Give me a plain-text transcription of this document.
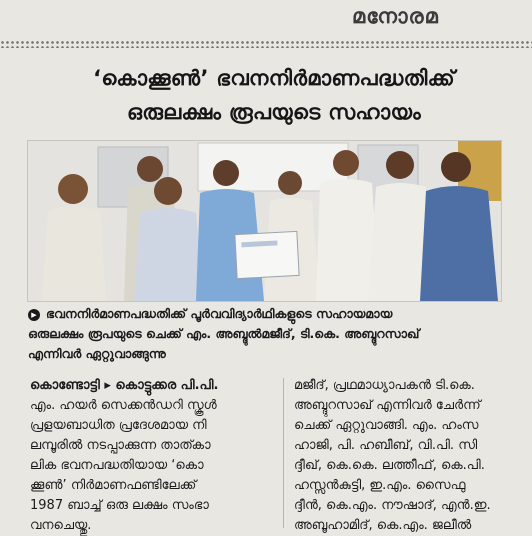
മനോരമ
‘കൊക്കൂൺ’ ഭവനനിർമാണപദ്ധതിക്ക്
ഒരുലക്ഷം രൂപയുടെ സഹായം
▶ ഭവനനിർമാണപദ്ധതിക്ക് പൂർവവിദ്യാർഥികളുടെ സഹായമായ
ഒരുലക്ഷം രൂപയുടെ ചെക്ക് എം. അബ്ദുൽമജീദ്, ടി.കെ. അബ്ദുറസാഖ്
എന്നിവർ ഏറ്റുവാങ്ങുന്നു
കൊണ്ടോട്ടി ▸ കൊട്ടുക്കര പി.പി.
എം. ഹയർ സെക്കൻഡറി സ്കൂൾ
പ്രളയബാധിത പ്രദേശമായ നി
ലമ്പൂരിൽ നടപ്പാക്കുന്ന താത്കാ
ലിക ഭവനപദ്ധതിയായ ‘കൊ
ക്കൂൺ’ നിർമാണഫണ്ടിലേക്ക്
1987 ബാച്ച് ഒരു ലക്ഷം സംഭാ
വനചെയ്തു.
മജീദ്, പ്രഥമാധ്യാപകൻ ടി.കെ.
അബ്ദുറസാഖ് എന്നിവർ ചേർന്ന്
ചെക്ക് ഏറ്റുവാങ്ങി. എം. ഹംസ
ഹാജി, പി. ഹബീബ്, വി.പി. സി
ദ്ദീഖ്, കെ.കെ. ലത്തീഫ്, കെ.പി.
ഹസ്സൻകുട്ടി, ഇ.എം. സൈഫു
ദ്ദീൻ, കെ.എം. നൗഷാദ്, എൻ.ഇ.
അബൂഹാമിദ്, കെ.എം. ജലീൽ
